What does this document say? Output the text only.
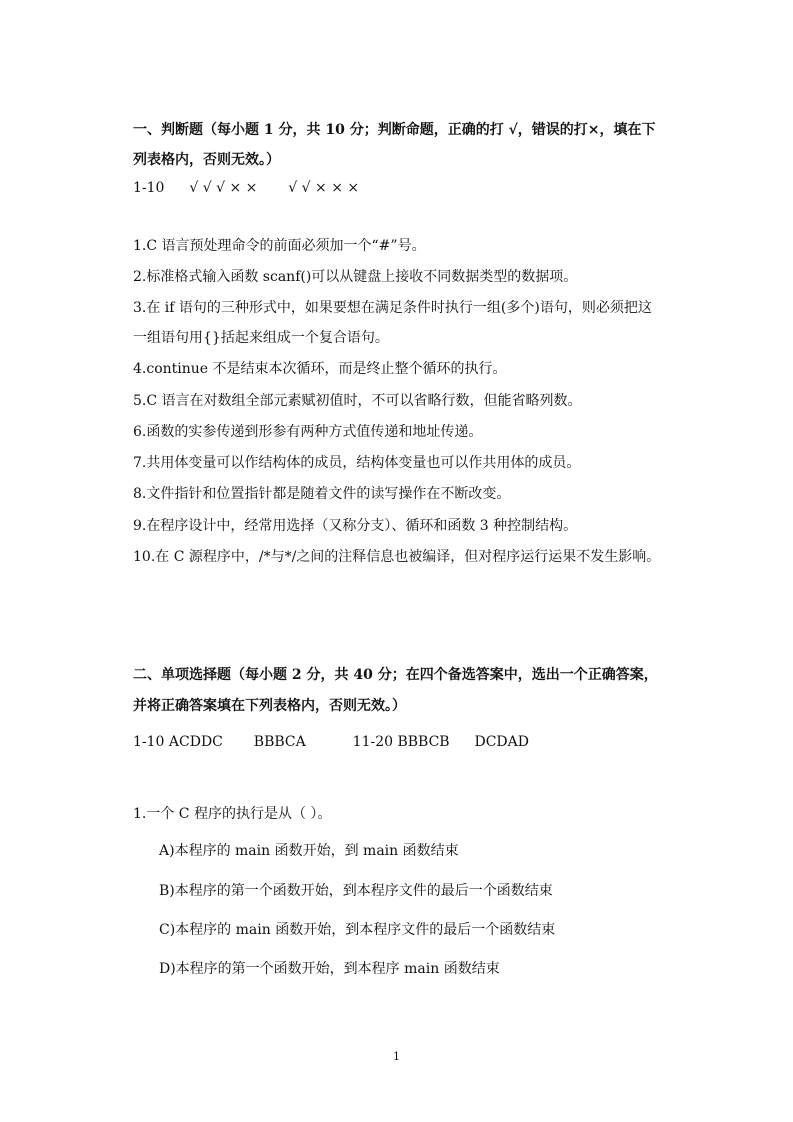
一、判断题（每小题 1 分，共 10 分；判断命题，正确的打 √，错误的打×，填在下
列表格内，否则无效。）
1-10 √ √ √ × × √ √ × × ×
1.C 语言预处理命令的前面必须加一个“#”号。
2.标准格式输入函数 scanf()可以从键盘上接收不同数据类型的数据项。
3.在 if 语句的三种形式中，如果要想在满足条件时执行一组(多个)语句，则必须把这
一组语句用{}括起来组成一个复合语句。
4.continue 不是结束本次循环，而是终止整个循环的执行。
5.C 语言在对数组全部元素赋初值时，不可以省略行数，但能省略列数。
6.函数的实参传递到形参有两种方式值传递和地址传递。
7.共用体变量可以作结构体的成员，结构体变量也可以作共用体的成员。
8.文件指针和位置指针都是随着文件的读写操作在不断改变。
9.在程序设计中，经常用选择（又称分支）、循环和函数 3 种控制结构。
10.在 C 源程序中，/*与*/之间的注释信息也被编译，但对程序运行运果不发生影响。
二、单项选择题（每小题 2 分，共 40 分；在四个备选答案中，选出一个正确答案，
并将正确答案填在下列表格内，否则无效。）
1-10 ACDDC BBBCA	11-20 BBBCB DCDAD
1.一个 C 程序的执行是从（ ）。
A)本程序的 main 函数开始，到 main 函数结束
B)本程序的第一个函数开始，到本程序文件的最后一个函数结束
C)本程序的 main 函数开始，到本程序文件的最后一个函数结束
D)本程序的第一个函数开始，到本程序 main 函数结束
1
